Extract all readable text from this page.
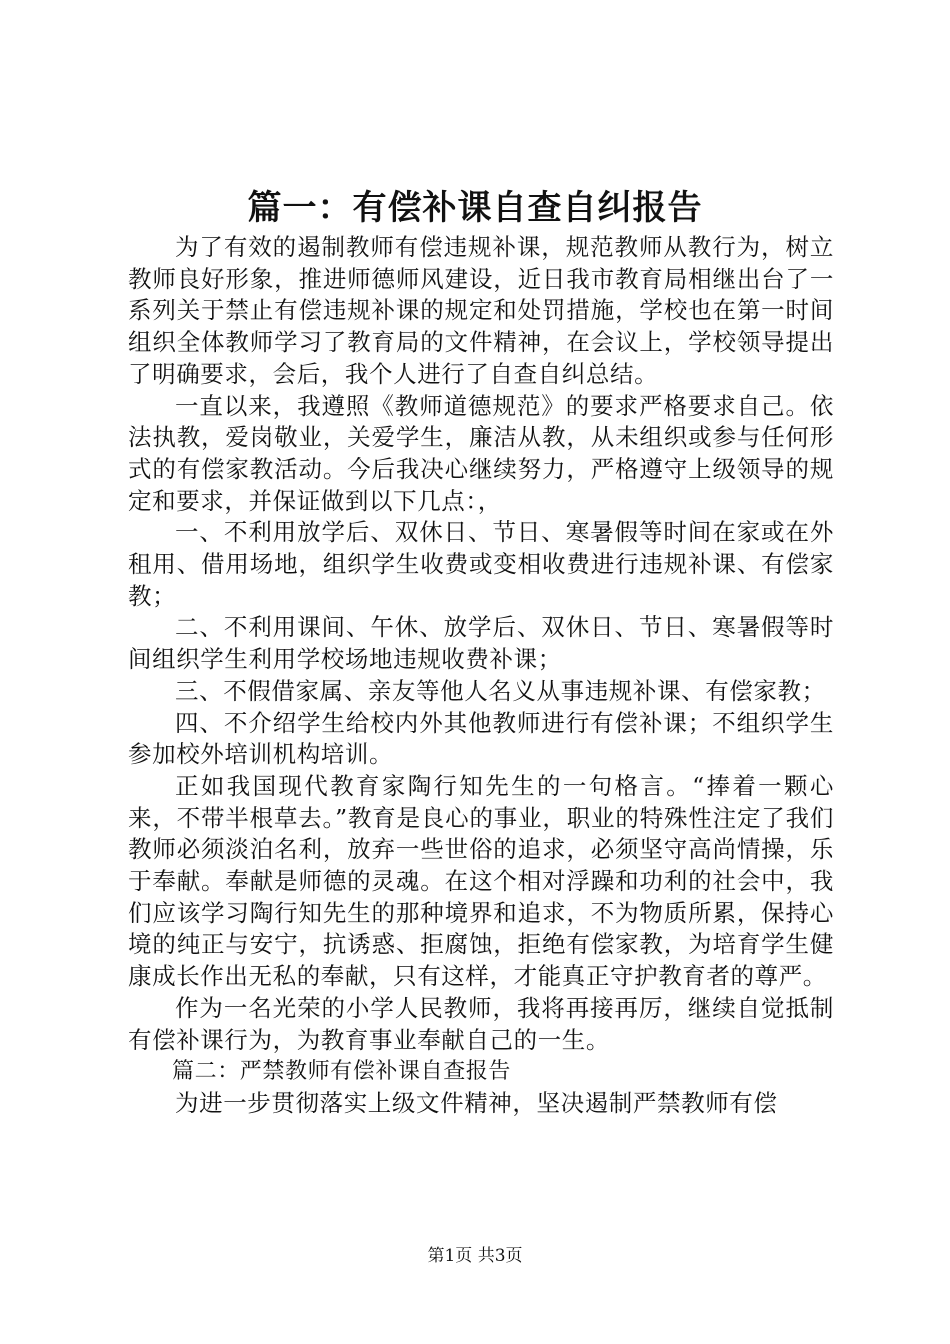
篇一：有偿补课自查自纠报告

为了有效的遏制教师有偿违规补课，规范教师从教行为，树立教师良好形象，推进师德师风建设，近日我市教育局相继出台了一系列关于禁止有偿违规补课的规定和处罚措施，学校也在第一时间组织全体教师学习了教育局的文件精神，在会议上，学校领导提出了明确要求，会后，我个人进行了自查自纠总结。

一直以来，我遵照《教师道德规范》的要求严格要求自己。依法执教，爱岗敬业，关爱学生，廉洁从教，从未组织或参与任何形式的有偿家教活动。今后我决心继续努力，严格遵守上级领导的规定和要求，并保证做到以下几点：，

一、不利用放学后、双休日、节日、寒暑假等时间在家或在外租用、借用场地，组织学生收费或变相收费进行违规补课、有偿家教；

二、不利用课间、午休、放学后、双休日、节日、寒暑假等时间组织学生利用学校场地违规收费补课；

三、不假借家属、亲友等他人名义从事违规补课、有偿家教；

四、不介绍学生给校内外其他教师进行有偿补课；不组织学生参加校外培训机构培训。

正如我国现代教育家陶行知先生的一句格言。“捧着一颗心来，不带半根草去。”教育是良心的事业，职业的特殊性注定了我们教师必须淡泊名利，放弃一些世俗的追求，必须坚守高尚情操，乐于奉献。奉献是师德的灵魂。在这个相对浮躁和功利的社会中，我们应该学习陶行知先生的那种境界和追求，不为物质所累，保持心境的纯正与安宁，抗诱惑、拒腐蚀，拒绝有偿家教，为培育学生健康成长作出无私的奉献，只有这样，才能真正守护教育者的尊严。

作为一名光荣的小学人民教师，我将再接再厉，继续自觉抵制有偿补课行为，为教育事业奉献自己的一生。

篇二：严禁教师有偿补课自查报告

为进一步贯彻落实上级文件精神，坚决遏制严禁教师有偿

第1页 共3页
